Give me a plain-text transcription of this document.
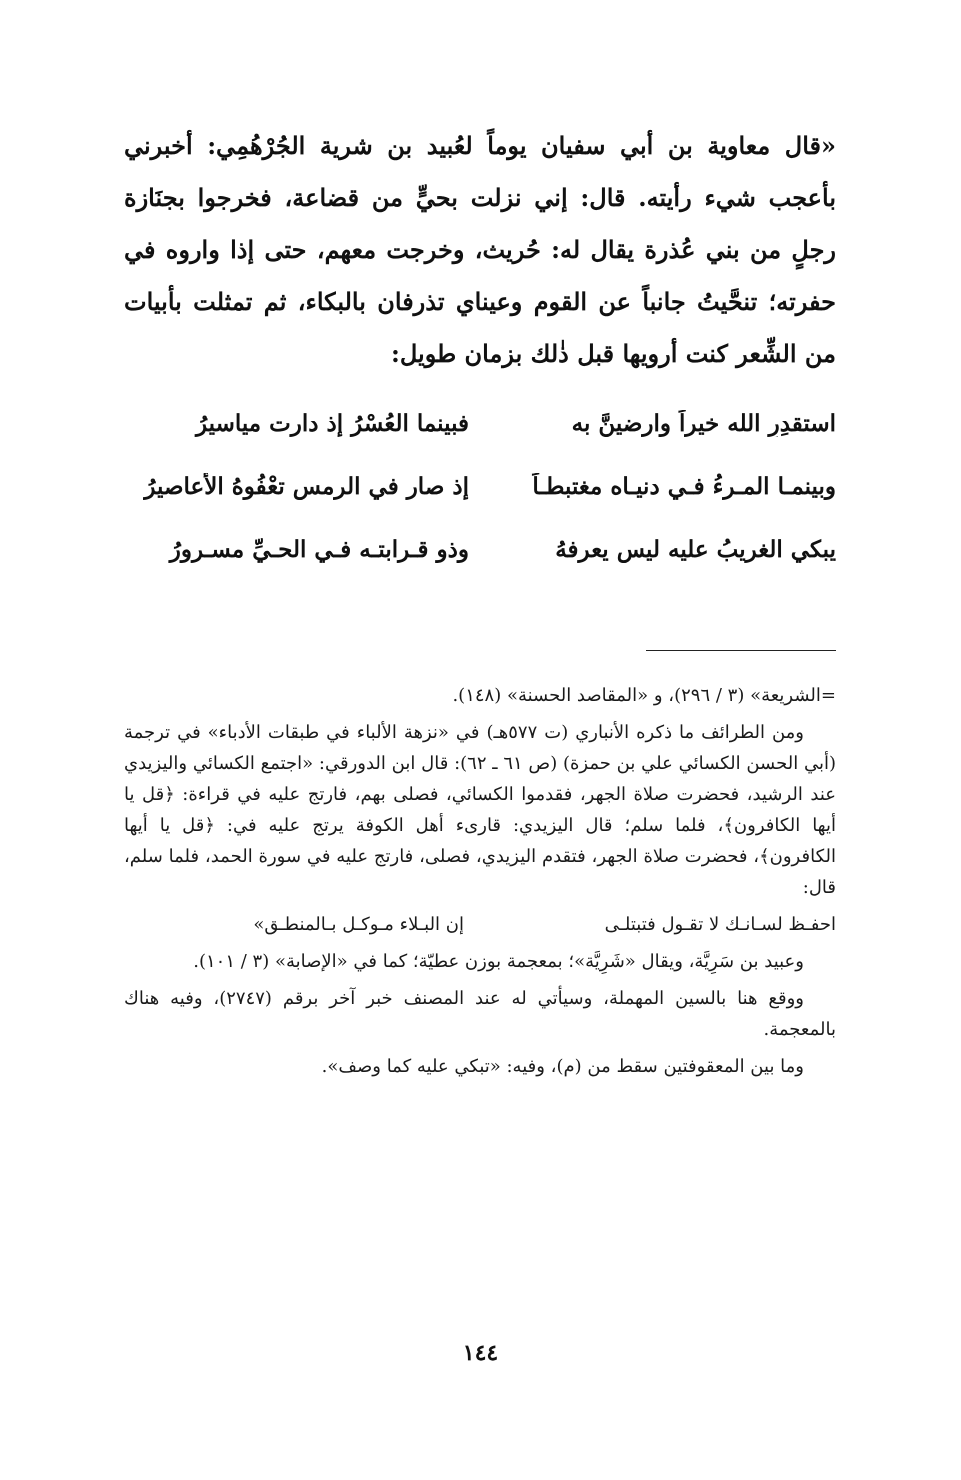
«قال معاوية بن أبي سفيان يوماً لعُبيد بن شرية الجُرْهُمِي: أخبرني بأعجب شيء رأيته. قال: إني نزلت بحيٍّ من قضاعة، فخرجوا بجنَازة رجلٍ من بني عُذرة يقال له: حُريث، وخرجت معهم، حتى إذا واروه في حفرته؛ تنحَّيتُ جانباً عن القوم وعيناي تذرفان بالبكاء، ثم تمثلت بأبيات من الشِّعر كنت أرويها قبل ذٰلك بزمان طويل:

استقدِرِ الله خيراً وارضينَّ به
فبينما العُسْرُ إذ دارت مياسيرُ
وبينمـا المـرءُ فـي دنيـاه مغتبطـاً
إذ صار في الرمس تعْفُوهُ الأعاصيرُ
يبكي الغريبُ عليه ليس يعرفهُ
وذو قـرابتـه فـي الحـيِّ مسـرورُ

=الشريعة» (٣ / ٢٩٦)، و «المقاصد الحسنة» (١٤٨).

ومن الطرائف ما ذكره الأنباري (ت ٥٧٧هـ) في «نزهة الألباء في طبقات الأدباء» في ترجمة (أبي الحسن الكسائي علي بن حمزة) (ص ٦١ ـ ٦٢): قال ابن الدورقي: «اجتمع الكسائي واليزيدي عند الرشيد، فحضرت صلاة الجهر، فقدموا الكسائي، فصلى بهم، فارتج عليه في قراءة: ﴿قل يا أيها الكافرون﴾، فلما سلم؛ قال اليزيدي: قارىء أهل الكوفة يرتج عليه في: ﴿قل يا أيها الكافرون﴾، فحضرت صلاة الجهر، فتقدم اليزيدي، فصلى، فارتج عليه في سورة الحمد، فلما سلم، قال:

احفـظ لسـانـك لا تقـول فتبتلـى
إن البـلاء مـوكـل بـالمنطـق»

وعبيد بن سَرِيَّة، ويقال «شَرِيَّة»؛ بمعجمة بوزن عطيّة؛ كما في «الإصابة» (٣ / ١٠١).

ووقع هنا بالسين المهملة، وسيأتي له عند المصنف خبر آخر برقم (٢٧٤٧)، وفيه هناك بالمعجمة.

وما بين المعقوفتين سقط من (م)، وفيه: «تبكي عليه كما وصف».

١٤٤
